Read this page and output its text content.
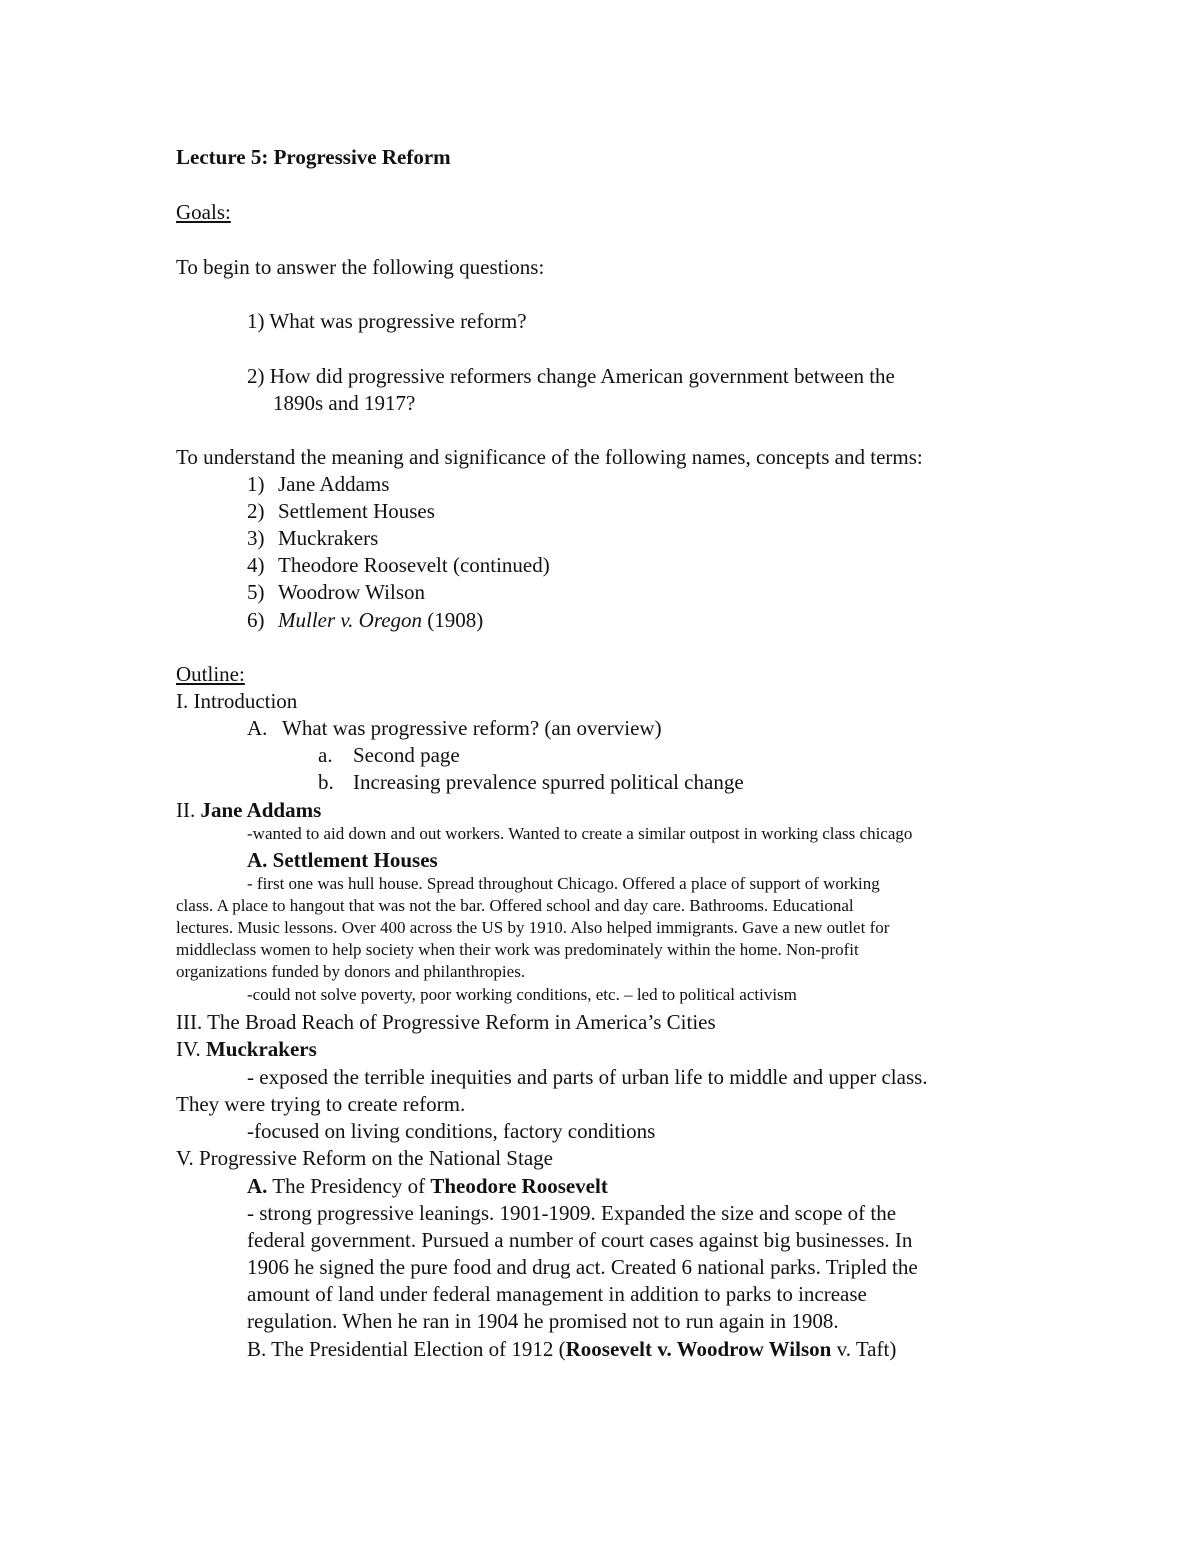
Lecture 5: Progressive Reform
Goals:
To begin to answer the following questions:
1) What was progressive reform?
2) How did progressive reformers change American government between the
1890s and 1917?
To understand the meaning and significance of the following names, concepts and terms:
1) Jane Addams
2) Settlement Houses
3) Muckrakers
4) Theodore Roosevelt (continued)
5) Woodrow Wilson
6) Muller v. Oregon (1908)
Outline:
I. Introduction
A. What was progressive reform? (an overview)
a. Second page
b. Increasing prevalence spurred political change
II. Jane Addams
-wanted to aid down and out workers. Wanted to create a similar outpost in working class chicago
A. Settlement Houses
- first one was hull house. Spread throughout Chicago. Offered a place of support of working
class. A place to hangout that was not the bar. Offered school and day care. Bathrooms. Educational
lectures. Music lessons. Over 400 across the US by 1910. Also helped immigrants. Gave a new outlet for
middleclass women to help society when their work was predominately within the home. Non-profit
organizations funded by donors and philanthropies.
-could not solve poverty, poor working conditions, etc. – led to political activism
III. The Broad Reach of Progressive Reform in America’s Cities
IV. Muckrakers
- exposed the terrible inequities and parts of urban life to middle and upper class.
They were trying to create reform.
-focused on living conditions, factory conditions
V. Progressive Reform on the National Stage
A. The Presidency of Theodore Roosevelt
- strong progressive leanings. 1901-1909. Expanded the size and scope of the
federal government. Pursued a number of court cases against big businesses. In
1906 he signed the pure food and drug act. Created 6 national parks. Tripled the
amount of land under federal management in addition to parks to increase
regulation. When he ran in 1904 he promised not to run again in 1908.
B. The Presidential Election of 1912 (Roosevelt v. Woodrow Wilson v. Taft)
